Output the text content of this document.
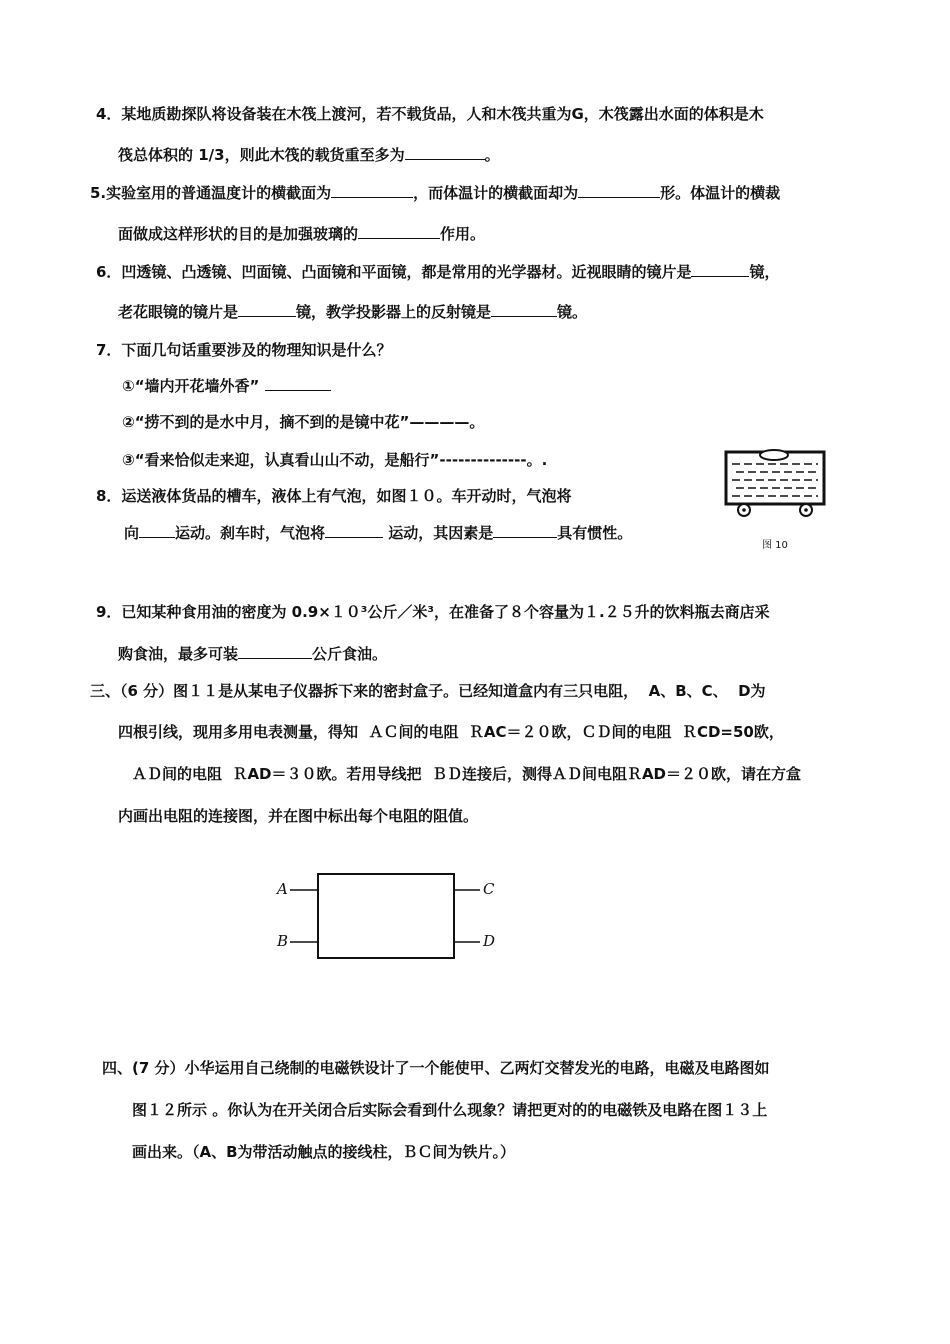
4．某地质勘探队将设备装在木筏上渡河，若不载货品，人和木筏共重为G，木筏露出水面的体积是木
筏总体积的 1/3，则此木筏的载货重至多为	。
5.实验室用的普通温度计的横截面为	，而体温计的横截面却为	形。体温计的横裁
面做成这样形状的目的是加强玻璃的	作用。
6．凹透镜、凸透镜、凹面镜、凸面镜和平面镜，都是常用的光学器材。近视眼睛的镜片是	镜，
老花眼镜的镜片是	镜，教学投影器上的反射镜是	镜。
7．下面几句话重要涉及的物理知识是什么？
①“墙内开花墙外香”
②“捞不到的是水中月，摘不到的是镜中花”————。
③“看来恰似走来迎，认真看山山不动，是船行”--------------。.
8．运送液体货品的槽车，液体上有气泡，如图１０。车开动时，气泡将
向 运动。刹车时，气泡将	运动，其因素是	具有惯性。
图 10
9．已知某种食用油的密度为 0.9×１０³公斤／米³，在准备了８个容量为１.２５升的饮料瓶去商店采
购食油，最多可装	公斤食油。
三、（6 分）图１１是从某电子仪器拆下来的密封盒子。已经知道盒内有三只电阻，  A、B、C、  D为
四根引线，现用多用电表测量，得知  ＡＣ间的电阻  ＲAC＝２０欧，ＣＤ间的电阻  ＲCD=50欧，
ＡＤ间的电阻  ＲAD＝３０欧。若用导线把  ＢＤ连接后，测得ＡＤ间电阻ＲAD＝２０欧，请在方盒
内画出电阻的连接图，并在图中标出每个电阻的阻值。
A
B
C
D
四、(7 分）小华运用自己绕制的电磁铁设计了一个能使甲、乙两灯交替发光的电路，电磁及电路图如
图１２所示 。你认为在开关闭合后实际会看到什么现象？请把更对的的电磁铁及电路在图１３上
画出来。（A、B为带活动触点的接线柱，ＢＣ间为铁片。）
